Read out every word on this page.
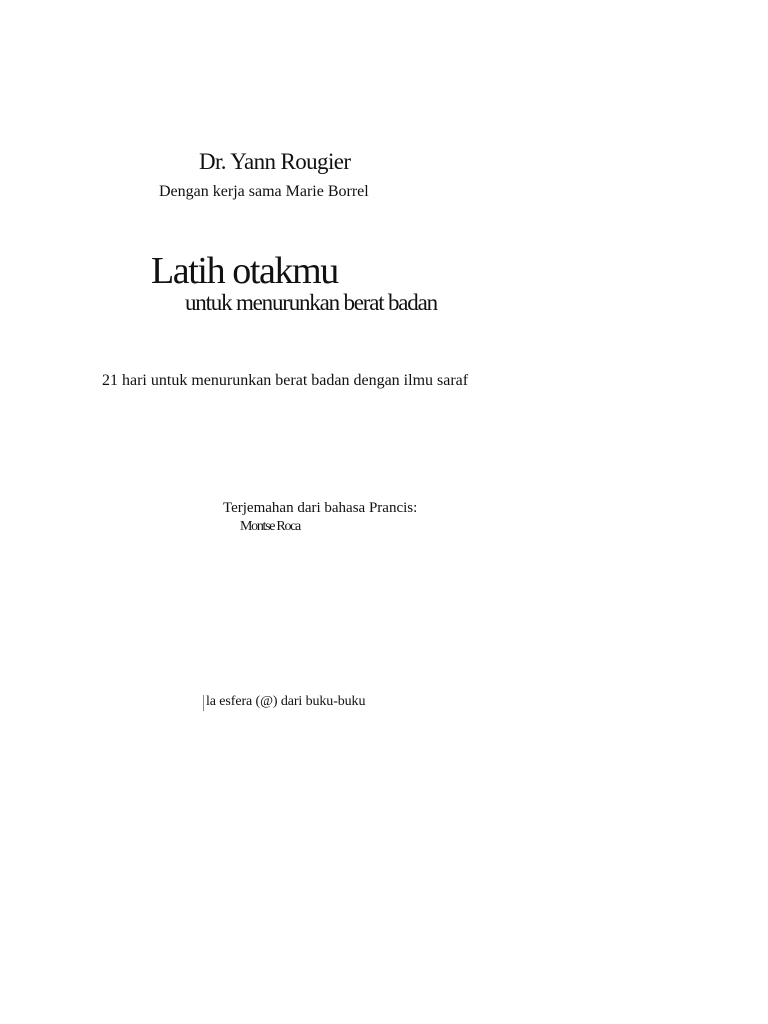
Dr. Yann Rougier
Dengan kerja sama Marie Borrel
Latih otakmu
untuk menurunkan berat badan
21 hari untuk menurunkan berat badan dengan ilmu saraf
Terjemahan dari bahasa Prancis:
Montse Roca
la esfera (@) dari buku-buku
